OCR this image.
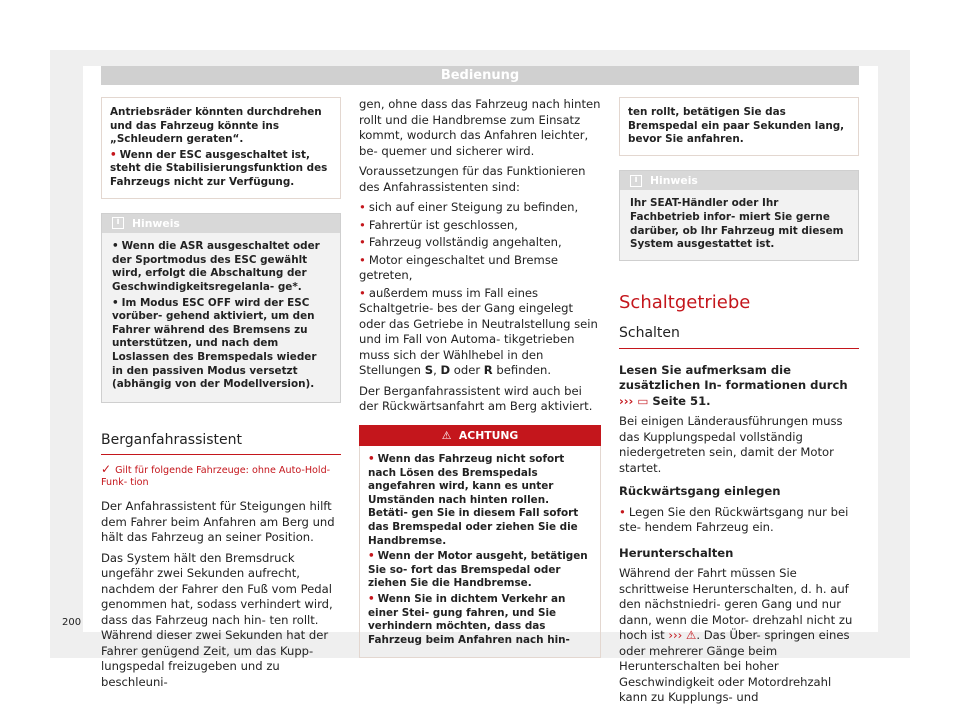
Bedienung
Antriebsräder könnten durchdrehen und das Fahrzeug könnte ins „Schleudern geraten“.
• Wenn der ESC ausgeschaltet ist, steht die Stabilisierungsfunktion des Fahrzeugs nicht zur Verfügung.
i	Hinweis
• Wenn die ASR ausgeschaltet oder der Sportmodus des ESC gewählt wird, erfolgt die Abschaltung der Geschwindigkeitsregelanla- ge*.
• Im Modus ESC OFF wird der ESC vorüber- gehend aktiviert, um den Fahrer während des Bremsens zu unterstützen, und nach dem Loslassen des Bremspedals wieder in den passiven Modus versetzt (abhängig von der Modellversion).
Berganfahrassistent
✓ Gilt für folgende Fahrzeuge: ohne Auto-Hold-Funk- tion

Der Anfahrassistent für Steigungen hilft dem Fahrer beim Anfahren am Berg und hält das Fahrzeug an seiner Position.

Das System hält den Bremsdruck ungefähr zwei Sekunden aufrecht, nachdem der Fahrer den Fuß vom Pedal genommen hat, sodass verhindert wird, dass das Fahrzeug nach hin- ten rollt. Während dieser zwei Sekunden hat der Fahrer genügend Zeit, um das Kupp- lungspedal freizugeben und zu beschleuni-

gen, ohne dass das Fahrzeug nach hinten rollt und die Handbremse zum Einsatz kommt, wodurch das Anfahren leichter, be- quemer und sicherer wird.

Voraussetzungen für das Funktionieren des Anfahrassistenten sind:

• sich auf einer Steigung zu befinden,
• Fahrertür ist geschlossen,
• Fahrzeug vollständig angehalten,
• Motor eingeschaltet und Bremse getreten,
• außerdem muss im Fall eines Schaltgetrie- bes der Gang eingelegt oder das Getriebe in Neutralstellung sein und im Fall von Automa- tikgetrieben muss sich der Wählhebel in den Stellungen S, D oder R befinden.

Der Berganfahrassistent wird auch bei der Rückwärtsanfahrt am Berg aktiviert.

⚠ ACHTUNG
• Wenn das Fahrzeug nicht sofort nach Lösen des Bremspedals angefahren wird, kann es unter Umständen nach hinten rollen. Betäti- gen Sie in diesem Fall sofort das Bremspedal oder ziehen Sie die Handbremse.
• Wenn der Motor ausgeht, betätigen Sie so- fort das Bremspedal oder ziehen Sie die Handbremse.
• Wenn Sie in dichtem Verkehr an einer Stei- gung fahren, und Sie verhindern möchten, dass das Fahrzeug beim Anfahren nach hin-
ten rollt, betätigen Sie das Bremspedal ein paar Sekunden lang, bevor Sie anfahren.
i	Hinweis
Ihr SEAT-Händler oder Ihr Fachbetrieb infor- miert Sie gerne darüber, ob Ihr Fahrzeug mit diesem System ausgestattet ist.
Schaltgetriebe
Schalten

Lesen Sie aufmerksam die zusätzlichen In- formationen durch ››› ▭ Seite 51.

Bei einigen Länderausführungen muss das Kupplungspedal vollständig niedergetreten sein, damit der Motor startet.

Rückwärtsgang einlegen

• Legen Sie den Rückwärtsgang nur bei ste- hendem Fahrzeug ein.

Herunterschalten

Während der Fahrt müssen Sie schrittweise Herunterschalten, d. h. auf den nächstniedri- geren Gang und nur dann, wenn die Motor- drehzahl nicht zu hoch ist ››› ⚠. Das Über- springen eines oder mehrerer Gänge beim Herunterschalten bei hoher Geschwindigkeit oder Motordrehzahl kann zu Kupplungs- und

200
